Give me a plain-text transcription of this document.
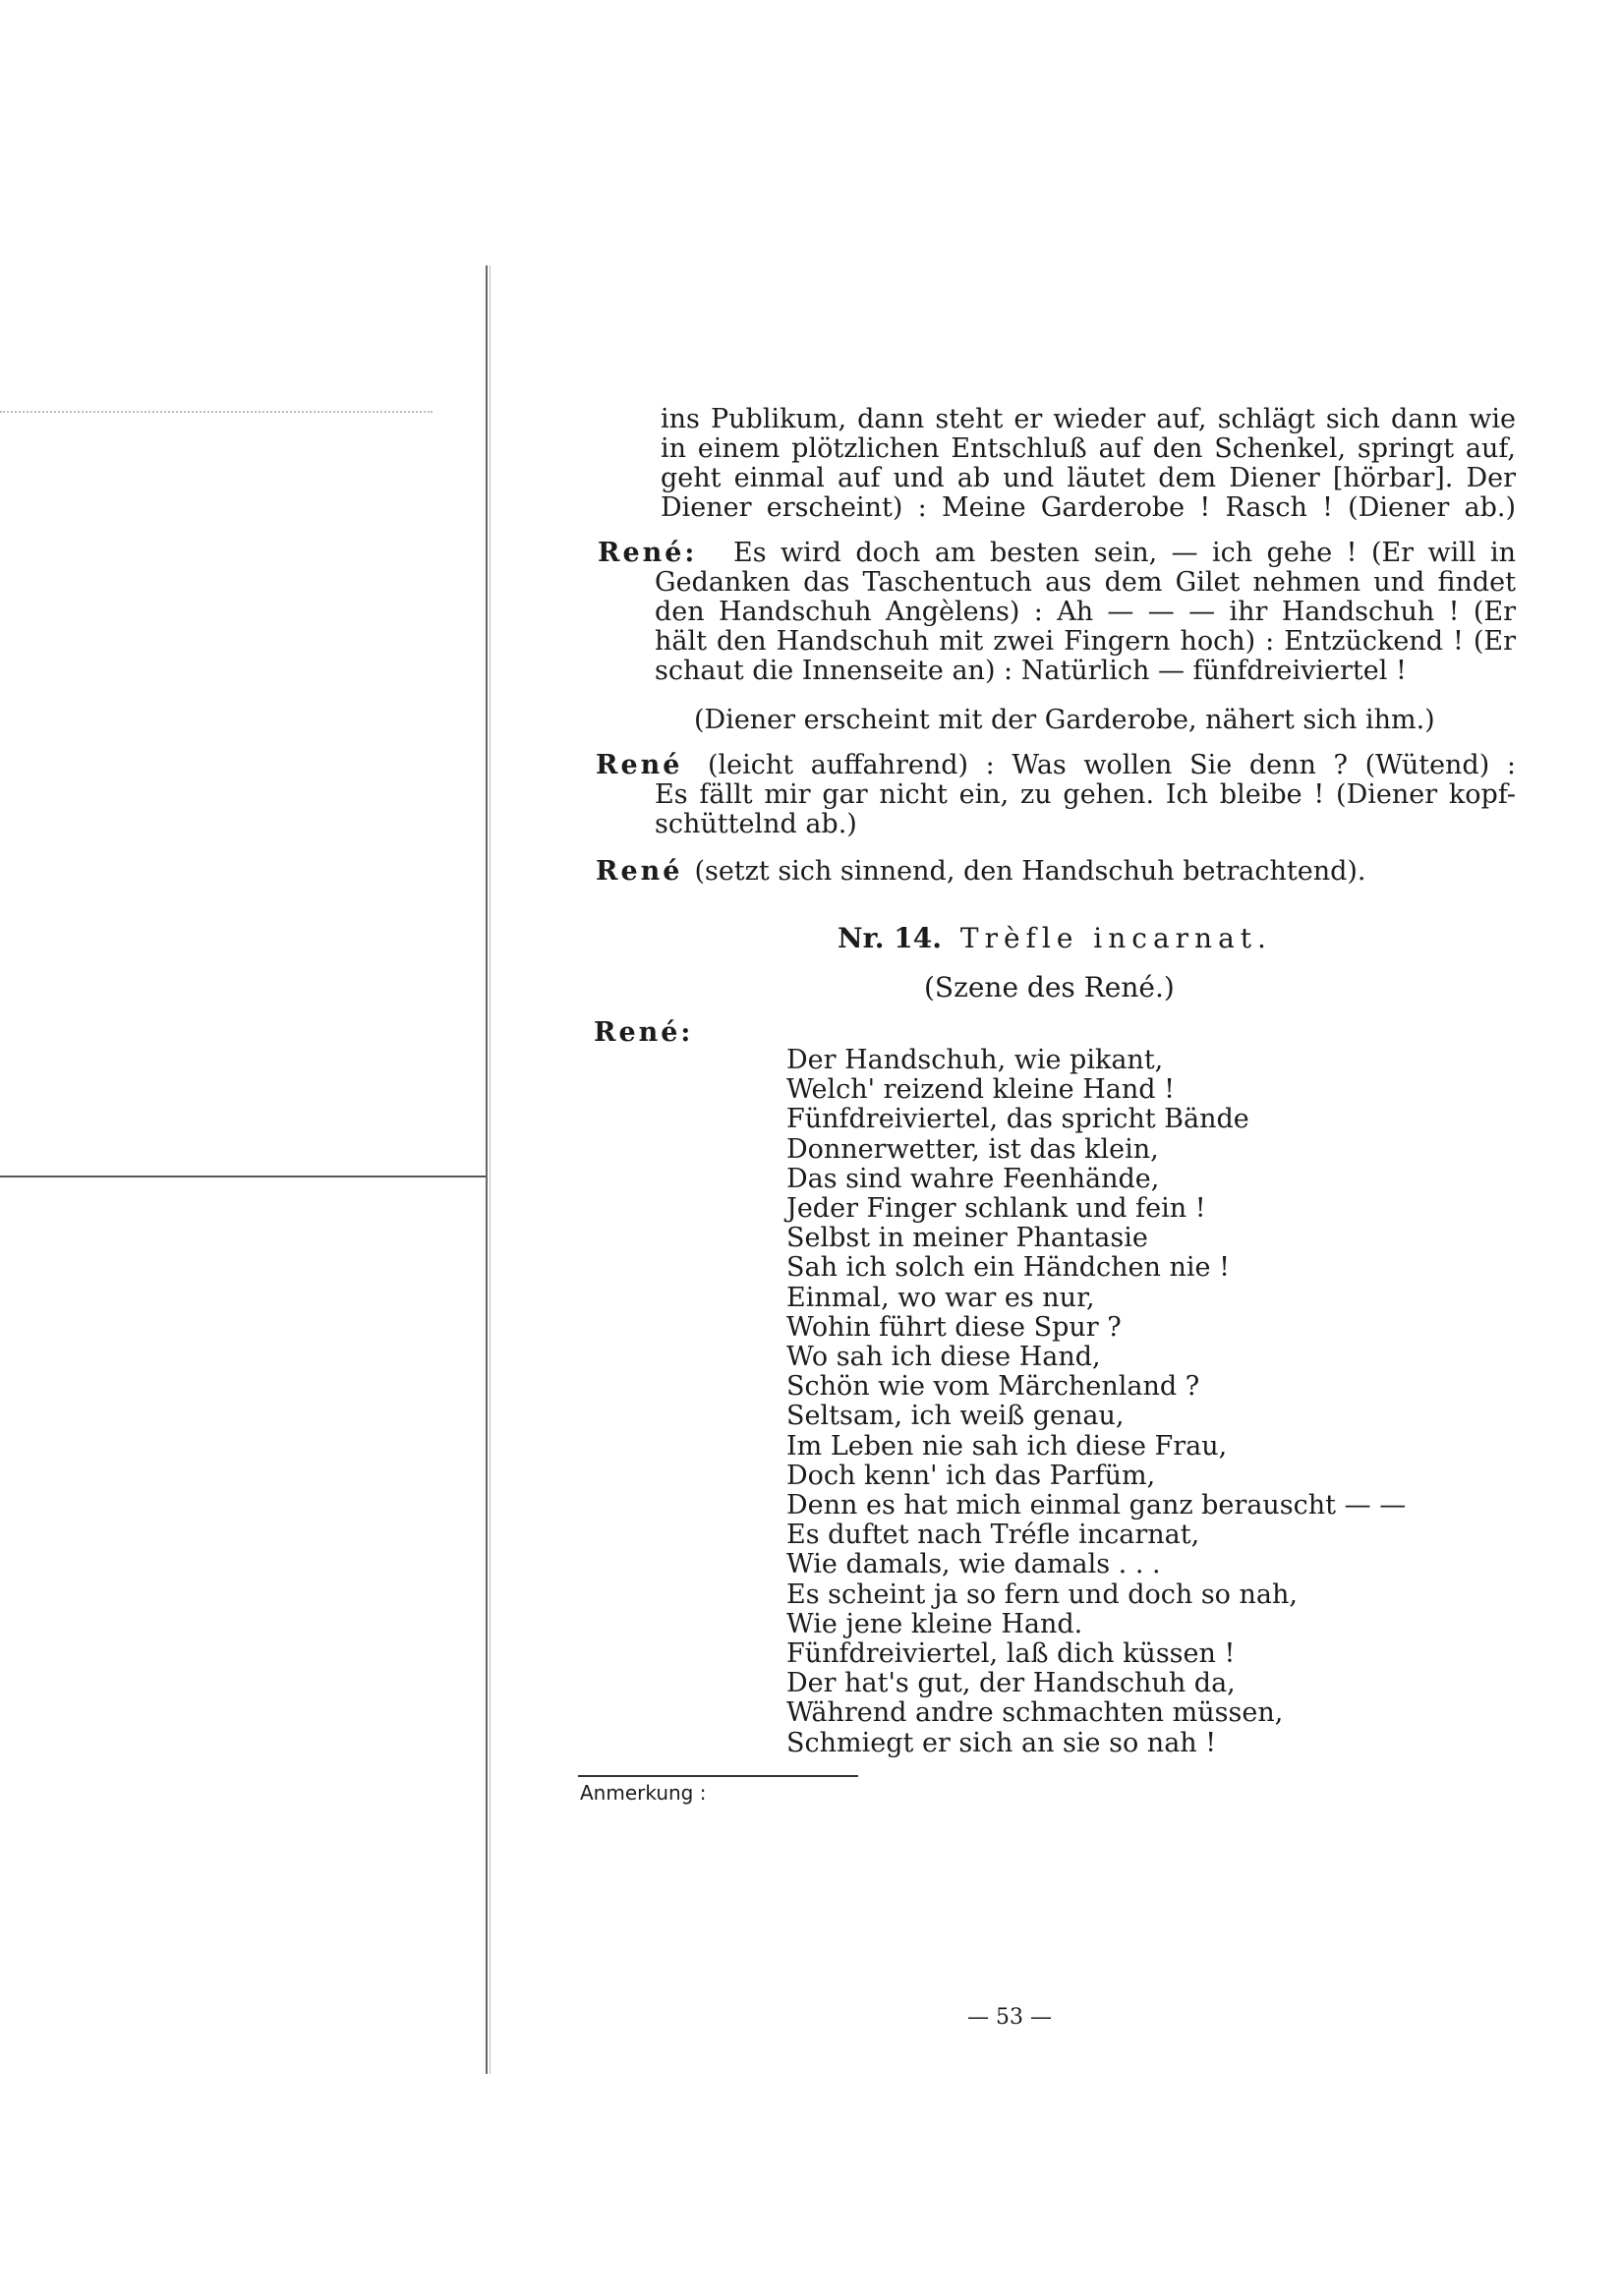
ins Publikum, dann steht er wieder auf, schlägt sich dann wie
in einem plötzlichen Entschluß auf den Schenkel, springt auf,
geht einmal auf und ab und läutet dem Diener [hörbar]. Der
Diener erscheint) : Meine Garderobe ! Rasch ! (Diener ab.)
René:	Es wird doch am besten sein, — ich gehe ! (Er will in
Gedanken das Taschentuch aus dem Gilet nehmen und findet
den Handschuh Angèlens) : Ah — — — ihr Handschuh ! (Er
hält den Handschuh mit zwei Fingern hoch) : Entzückend ! (Er
schaut die Innenseite an) : Natürlich — fünfdreiviertel !
(Diener erscheint mit der Garderobe, nähert sich ihm.)
René (leicht auffahrend) : Was wollen Sie denn ? (Wütend) :
Es fällt mir gar nicht ein, zu gehen. Ich bleibe ! (Diener kopf-
schüttelnd ab.)
René (setzt sich sinnend, den Handschuh betrachtend).
Nr. 14. Trèfle incarnat.
(Szene des René.)
René:
Der Handschuh, wie pikant,
Welch' reizend kleine Hand !
Fünfdreiviertel, das spricht Bände
Donnerwetter, ist das klein,
Das sind wahre Feenhände,
Jeder Finger schlank und fein !
Selbst in meiner Phantasie
Sah ich solch ein Händchen nie !
Einmal, wo war es nur,
Wohin führt diese Spur ?
Wo sah ich diese Hand,
Schön wie vom Märchenland ?
Seltsam, ich weiß genau,
Im Leben nie sah ich diese Frau,
Doch kenn' ich das Parfüm,
Denn es hat mich einmal ganz berauscht — —
Es duftet nach Tréfle incarnat,
Wie damals, wie damals . . .
Es scheint ja so fern und doch so nah,
Wie jene kleine Hand.
Fünfdreiviertel, laß dich küssen !
Der hat's gut, der Handschuh da,
Während andre schmachten müssen,
Schmiegt er sich an sie so nah !
Anmerkung :
— 53 —
